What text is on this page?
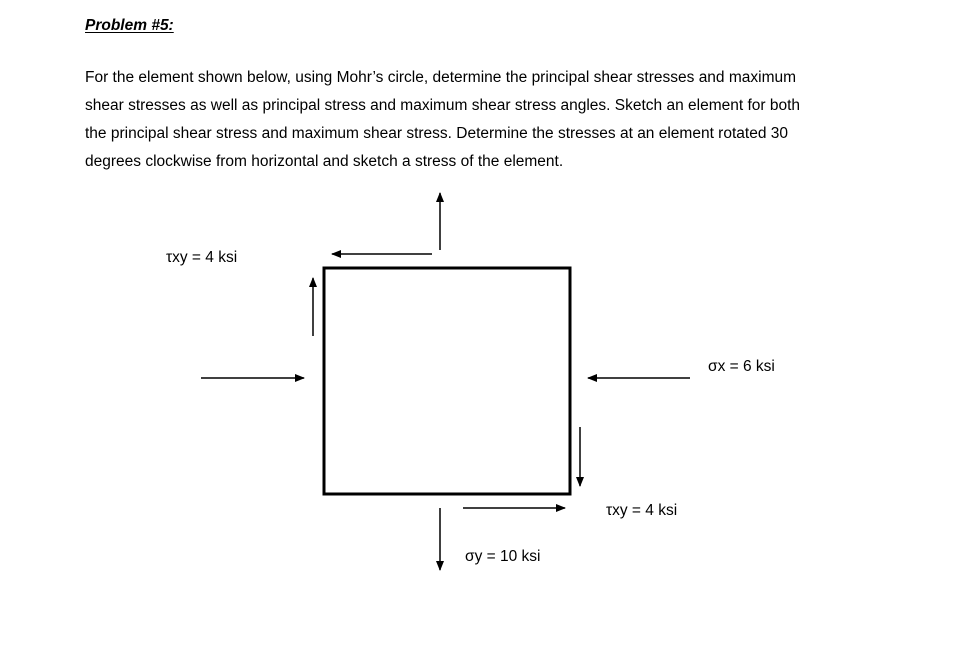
Problem #5:

For the element shown below, using Mohr’s circle, determine the principal shear stresses and maximum
shear stresses as well as principal stress and maximum shear stress angles. Sketch an element for both
the principal shear stress and maximum shear stress. Determine the stresses at an element rotated 30
degrees clockwise from horizontal and sketch a stress of the element.

τxy = 4 ksi
σx = 6 ksi
τxy = 4 ksi
σy = 10 ksi
